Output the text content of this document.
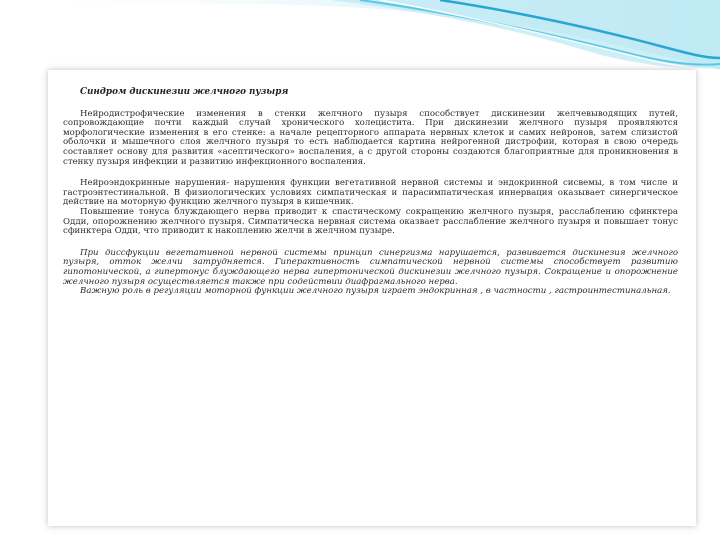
Синдром дискинезии желчного пузыря

Нейродистрофические изменения в стенки желчного пузыря способствует дискинезии желчевыводящих путей, сопровождающие почти каждый случай хронического холецистита. При дискинезии желчного пузыря проявляются морфологические изменения в его стенке: а начале рецепторного аппарата нервных клеток и самих нейронов, затем слизистой оболочки и мышечного слоя желчного пузыря то есть наблюдается картина нейрогенной дистрофии, которая в свою очередь составляет основу для развития «асептического» воспаления, а с другой стороны создаются благоприятные для проникновения в стенку пузыря инфекции и развитию инфекционного воспаления.

Нейроэндокринные нарушения- нарушения функции вегетативной нервной системы и эндокринной сисвемы, в том числе и гастроэнтестинальной. В физиологических условиях симпатическая и парасимпатическая иннервация оказывает синергическое действие на моторную функцию желчного пузыря в кишечник.

Повышение тонуса блуждающего нерва приводит к спастическому сокращению желчного пузыря, расслаблению сфинктера Одди, опорожнению желчного пузыря. Симпатическа нервная система оказвает расслабление желчного пузыря и повышает тонус сфинктера Одди, что приводит к накоплению желчи в желчном пузыре.

При диссфукции вегетативной нервной системы принцип синергизма нарушается, развивается дискинезия желчного пузыря, отток желчи затрудняется. Гиперактивность симпатической нервной системы способствует развитию гипотонической, а гипертонус блуждающего нерва гипертонической дискинезии желчного пузыря. Сокращение и опорожнение желчного пузыря осуществляется также при содействии диафрагмального нерва.

Важную роль в регуляции моторной функции желчного пузыря играет эндокринная , в частности , гастроинтестинальная.
